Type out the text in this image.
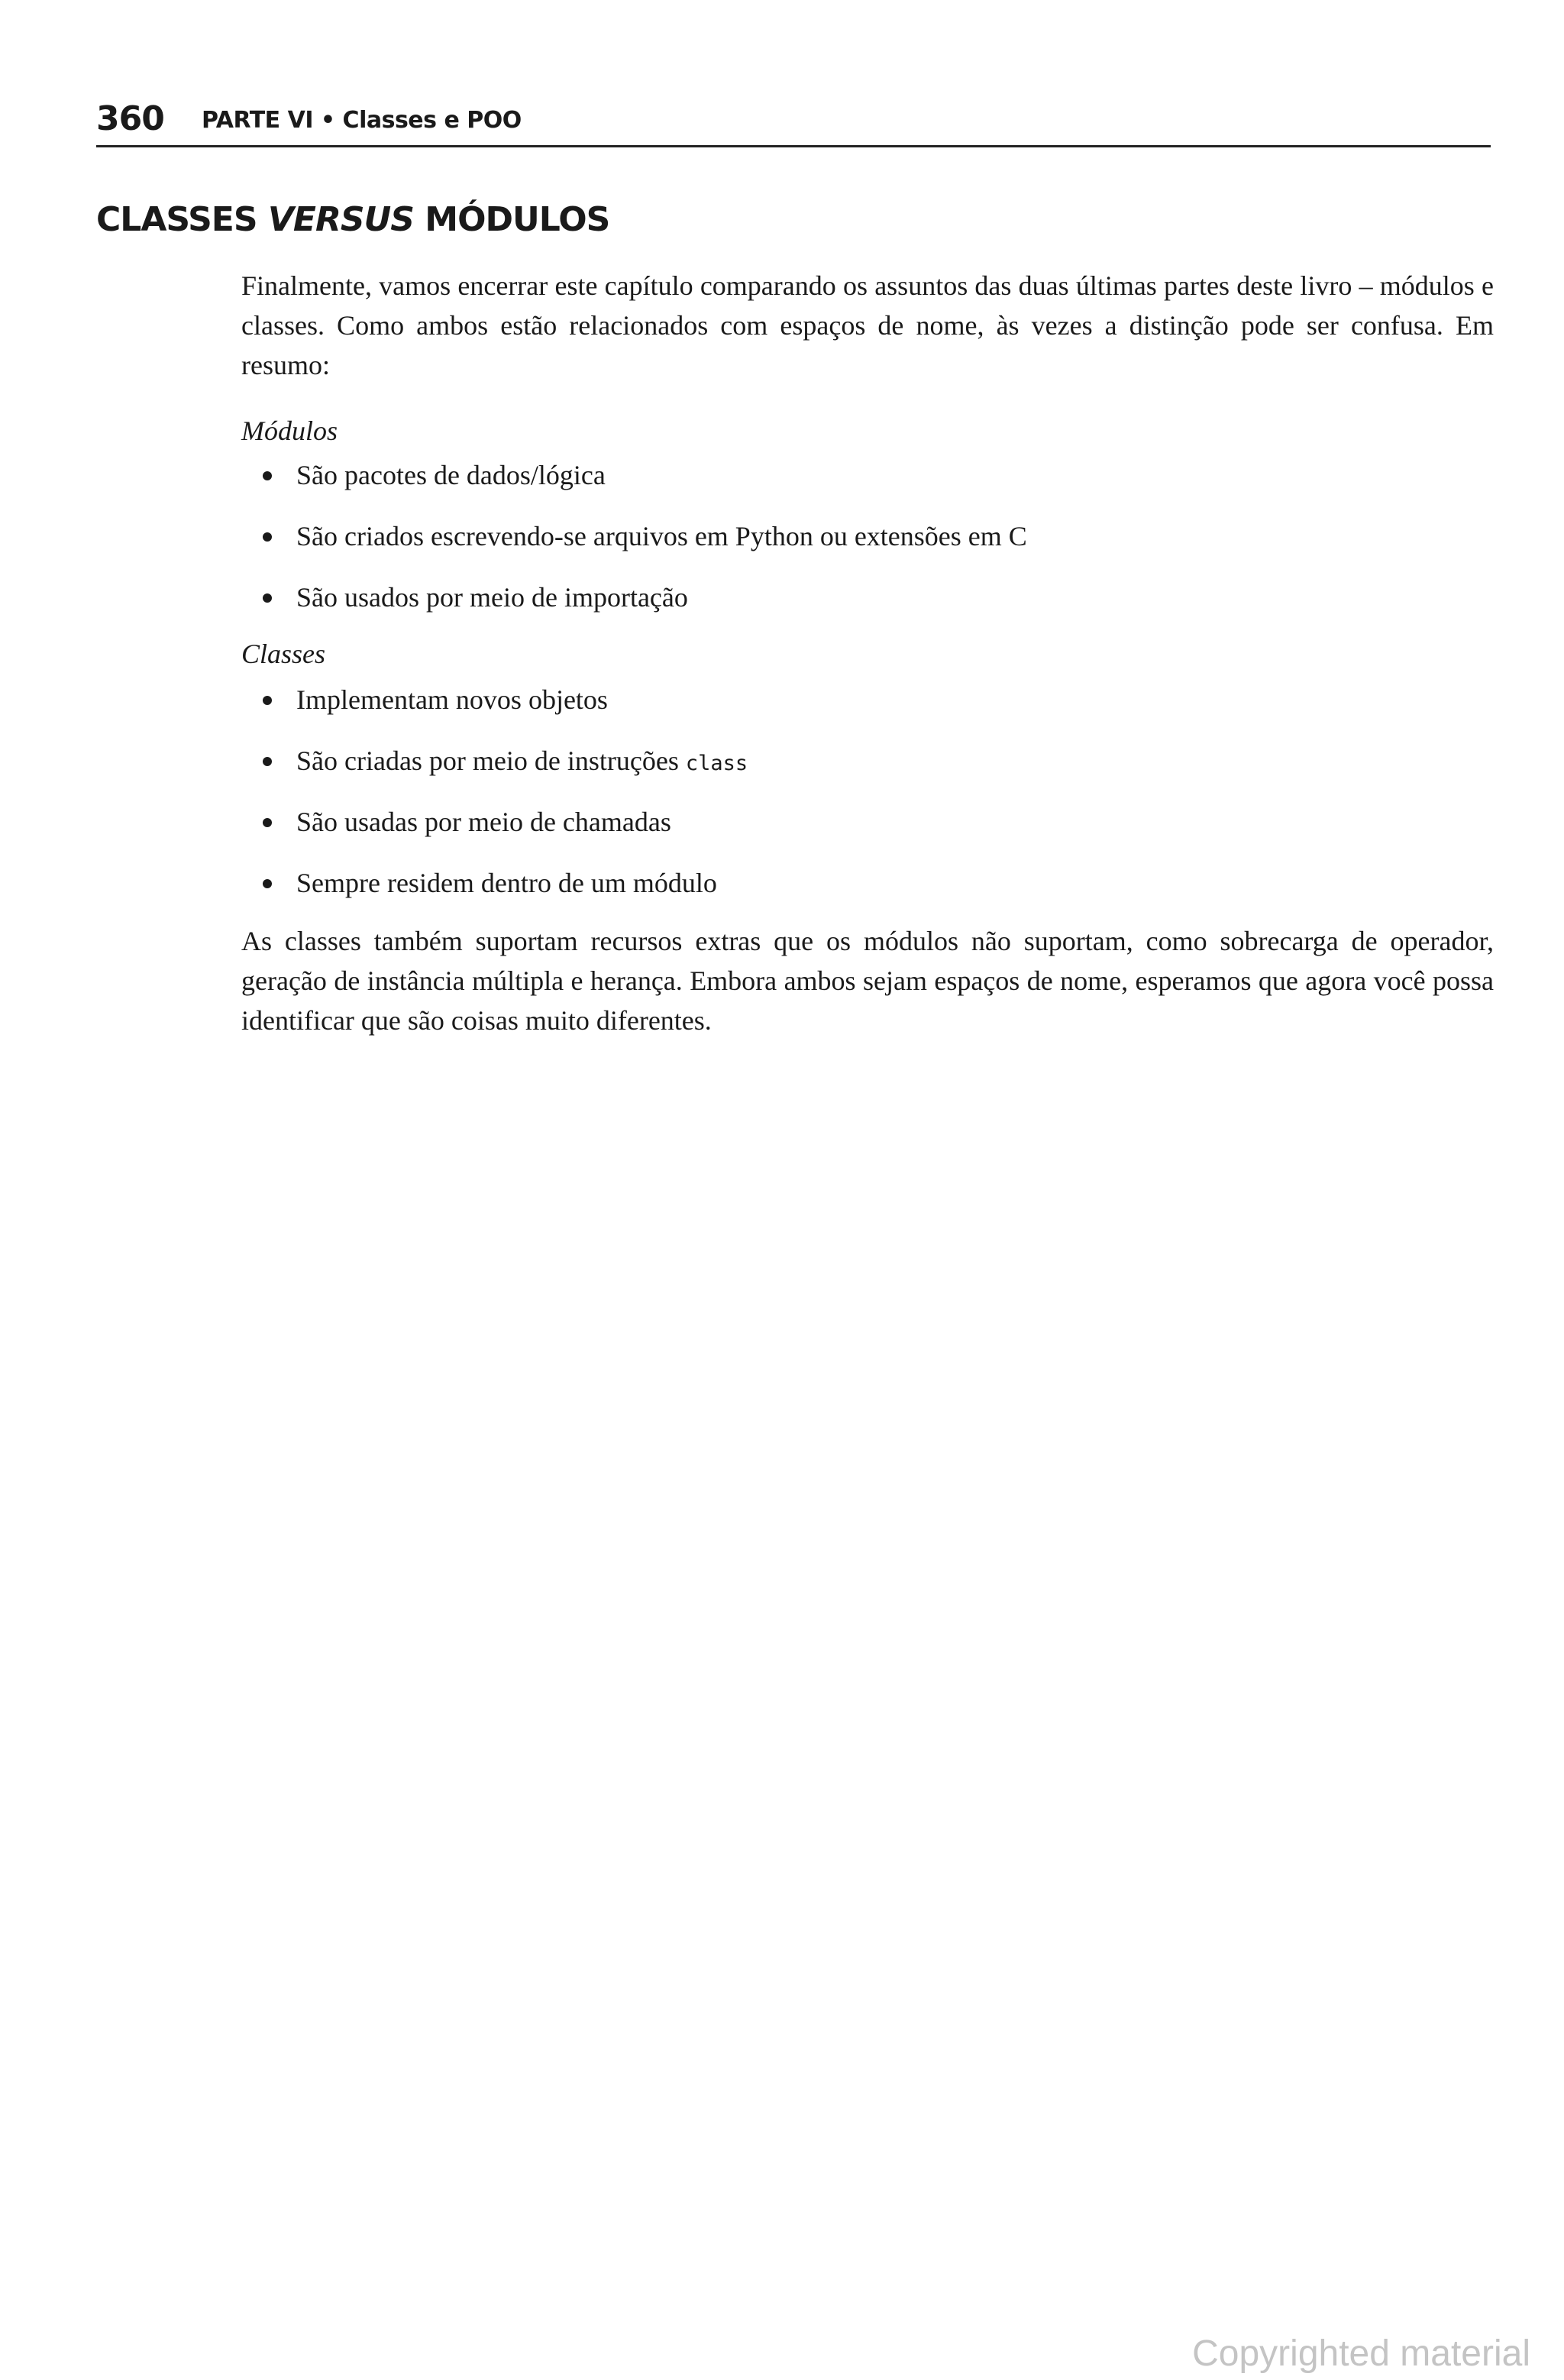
360 PARTE VI • Classes e POO
CLASSES VERSUS MÓDULOS

Finalmente, vamos encerrar este capítulo comparando os assuntos das duas últimas partes deste livro – módulos e classes. Como ambos estão relacionados com espaços de nome, às vezes a distinção pode ser confusa. Em resumo:

Módulos
São pacotes de dados/lógica
São criados escrevendo-se arquivos em Python ou extensões em C
São usados por meio de importação
Classes
Implementam novos objetos
São criadas por meio de instruções class
São usadas por meio de chamadas
Sempre residem dentro de um módulo

As classes também suportam recursos extras que os módulos não suportam, como sobrecarga de operador, geração de instância múltipla e herança. Embora ambos sejam espaços de nome, esperamos que agora você possa identificar que são coisas muito diferentes.

Copyrighted material
